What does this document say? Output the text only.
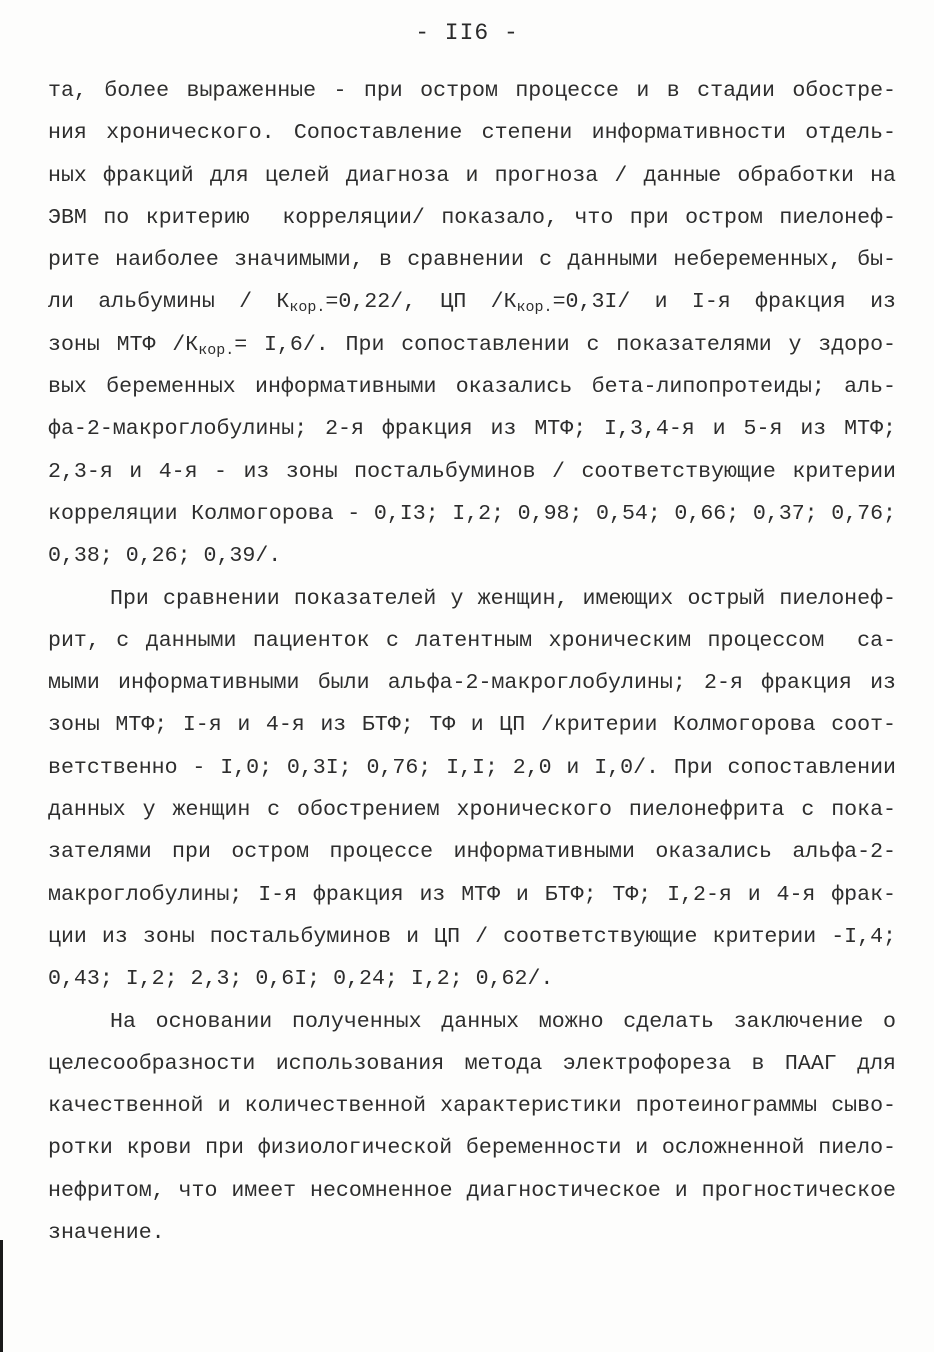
- II6 -
та, более выраженные - при остром процессе и в стадии обостре-
ния хронического. Сопоставление степени информативности отдель-
ных фракций для целей диагноза и прогноза / данные обработки на
ЭВМ по критерию  корреляции/ показало, что при остром пиелонеф-
рите наиболее значимыми, в сравнении с данными небеременных, бы-
ли альбумины / $К_{кор.}=0,22/$, ЦП $/К_{кор.}=0,3I/$ и I-я фракция из
зоны МТФ $/К_{кор.}= I,6/$. При сопоставлении с показателями у здоро-
вых беременных информативными оказались бета-липопротеиды; аль-
фа-2-макроглобулины; 2-я фракция из МТФ; I,3,4-я и 5-я из МТФ;
2,3-я и 4-я - из зоны постальбуминов / соответствующие критерии
корреляции Колмогорова - 0,I3; I,2; 0,98; 0,54; 0,66; 0,37; 0,76;
0,38; 0,26; 0,39/.
При сравнении показателей у женщин, имеющих острый пиелонеф-
рит, с данными пациенток с латентным хроническим процессом  са-
мыми информативными были альфа-2-макроглобулины; 2-я фракция из
зоны МТФ; I-я и 4-я из БТФ; ТФ и ЦП /критерии Колмогорова соот-
ветственно - I,0; 0,3I; 0,76; I,I; 2,0 и I,0/. При сопоставлении
данных у женщин с обострением хронического пиелонефрита с пока-
зателями при остром процессе информативными оказались альфа-2-
макроглобулины; I-я фракция из МТФ и БТФ; ТФ; I,2-я и 4-я фрак-
ции из зоны постальбуминов и ЦП / соответствующие критерии -I,4;
0,43; I,2; 2,3; 0,6I; 0,24; I,2; 0,62/.
На основании полученных данных можно сделать заключение о
целесообразности использования метода электрофореза в ПААГ для
качественной и количественной характеристики протеинограммы сыво-
ротки крови при физиологической беременности и осложненной пиело-
нефритом, что имеет несомненное диагностическое и прогностическое
значение.
